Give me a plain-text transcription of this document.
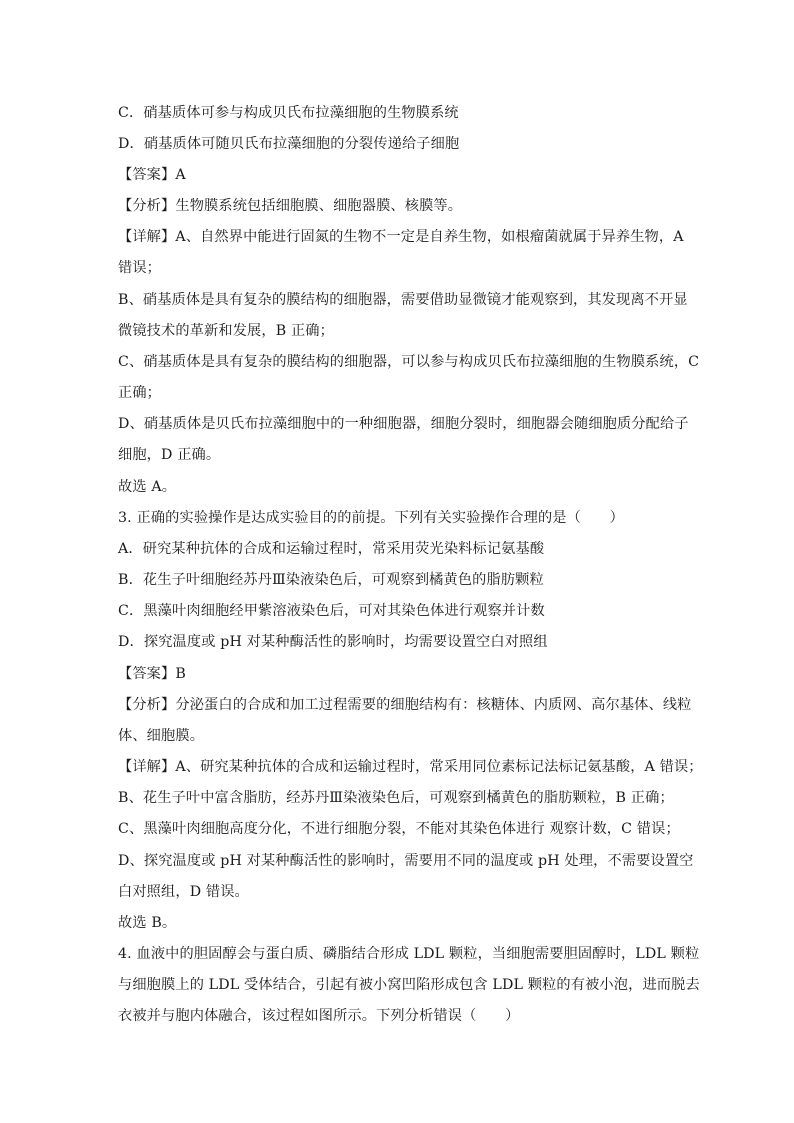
C．硝基质体可参与构成贝氏布拉藻细胞的生物膜系统
D．硝基质体可随贝氏布拉藻细胞的分裂传递给子细胞
【答案】A
【分析】生物膜系统包括细胞膜、细胞器膜、核膜等。
【详解】A、自然界中能进行固氮的生物不一定是自养生物，如根瘤菌就属于异养生物，A
错误；
B、硝基质体是具有复杂的膜结构的细胞器，需要借助显微镜才能观察到，其发现离不开显
微镜技术的革新和发展，B 正确；
C、硝基质体是具有复杂的膜结构的细胞器，可以参与构成贝氏布拉藻细胞的生物膜系统，C
正确；
D、硝基质体是贝氏布拉藻细胞中的一种细胞器，细胞分裂时，细胞器会随细胞质分配给子
细胞，D 正确。
故选 A。
3. 正确的实验操作是达成实验目的的前提。下列有关实验操作合理的是（　　）
A．研究某种抗体的合成和运输过程时，常采用荧光染料标记氨基酸
B．花生子叶细胞经苏丹Ⅲ染液染色后，可观察到橘黄色的脂肪颗粒
C．黑藻叶肉细胞经甲紫溶液染色后，可对其染色体进行观察并计数
D．探究温度或 pH 对某种酶活性的影响时，均需要设置空白对照组
【答案】B
【分析】分泌蛋白的合成和加工过程需要的细胞结构有：核糖体、内质网、高尔基体、线粒
体、细胞膜。
【详解】A、研究某种抗体的合成和运输过程时，常采用同位素标记法标记氨基酸，A 错误；
B、花生子叶中富含脂肪，经苏丹Ⅲ染液染色后，可观察到橘黄色的脂肪颗粒，B 正确；
C、黑藻叶肉细胞高度分化，不进行细胞分裂，不能对其染色体进行 观察计数，C 错误；
D、探究温度或 pH 对某种酶活性的影响时，需要用不同的温度或 pH 处理，不需要设置空
白对照组，D 错误。
故选 B。
4. 血液中的胆固醇会与蛋白质、磷脂结合形成 LDL 颗粒，当细胞需要胆固醇时，LDL 颗粒
与细胞膜上的 LDL 受体结合，引起有被小窝凹陷形成包含 LDL 颗粒的有被小泡，进而脱去
衣被并与胞内体融合，该过程如图所示。下列分析错误（　　）
